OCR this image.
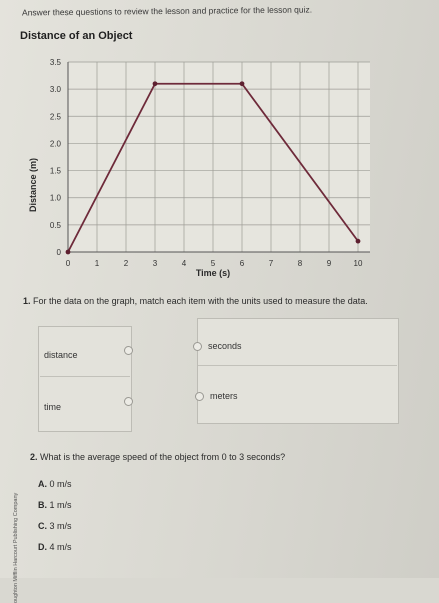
Answer these questions to review the lesson and practice for the lesson quiz.
Distance of an Object
0	1	2	3	4	5	6	7	8	9	10
0
0.5
1.0
1.5
2.0
2.5
3.0
3.5
Time (s)
Distance (m)
1. For the data on the graph, match each item with the units used to measure the data.
distance
time
seconds
meters
2. What is the average speed of the object from 0 to 3 seconds?
A. 0 m/s
B. 1 m/s
C. 3 m/s
D. 4 m/s
oughton Mifflin Harcourt Publishing Company
